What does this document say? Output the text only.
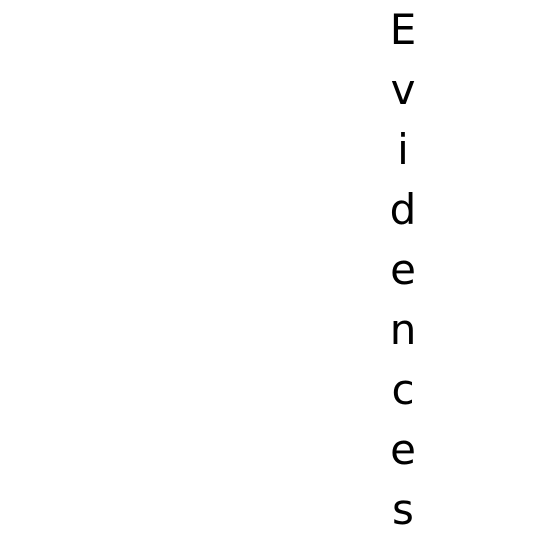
E
v
i
d
e
n
c
e
s
